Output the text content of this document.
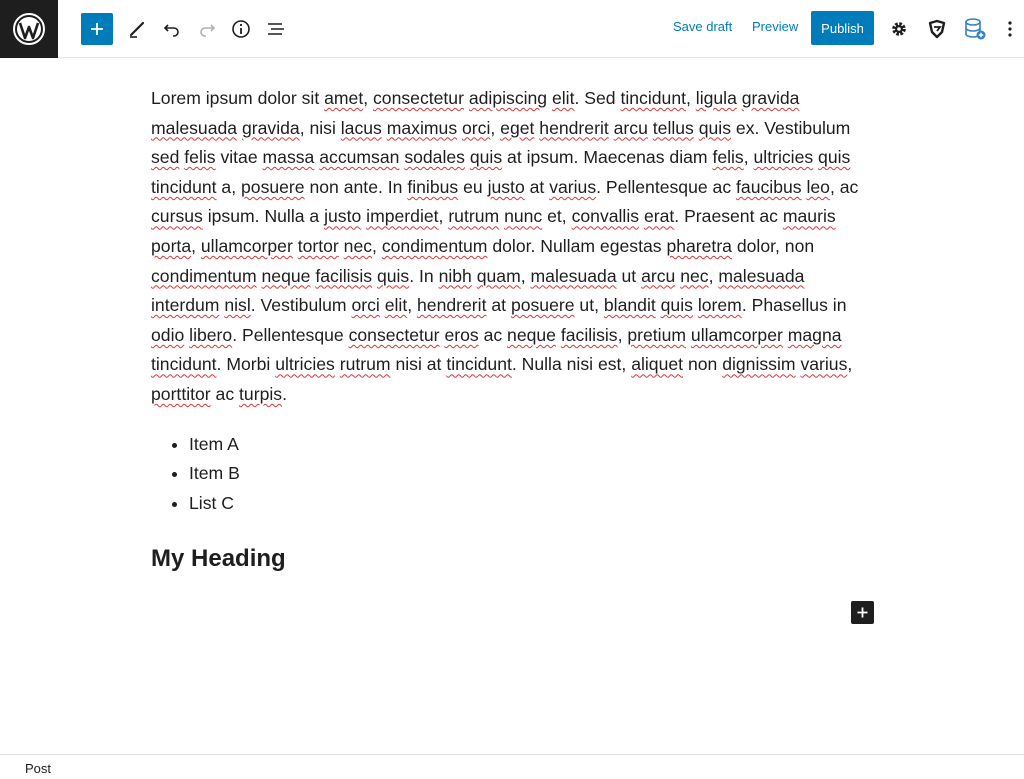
Save draft Preview	Publish

Lorem ipsum dolor sit amet, consectetur adipiscing elit. Sed tincidunt, ligula gravida malesuada gravida, nisi lacus maximus orci, eget hendrerit arcu tellus quis ex. Vestibulum sed felis vitae massa accumsan sodales quis at ipsum. Maecenas diam felis, ultricies quis tincidunt a, posuere non ante. In finibus eu justo at varius. Pellentesque ac faucibus leo, ac cursus ipsum. Nulla a justo imperdiet, rutrum nunc et, convallis erat. Praesent ac mauris porta, ullamcorper tortor nec, condimentum dolor. Nullam egestas pharetra dolor, non condimentum neque facilisis quis. In nibh quam, malesuada ut arcu nec, malesuada interdum nisl. Vestibulum orci elit, hendrerit at posuere ut, blandit quis lorem. Phasellus in odio libero. Pellentesque consectetur eros ac neque facilisis, pretium ullamcorper magna tincidunt. Morbi ultricies rutrum nisi at tincidunt. Nulla nisi est, aliquet non dignissim varius, porttitor ac turpis.

• Item A
• Item B
• List C
My Heading
Post
